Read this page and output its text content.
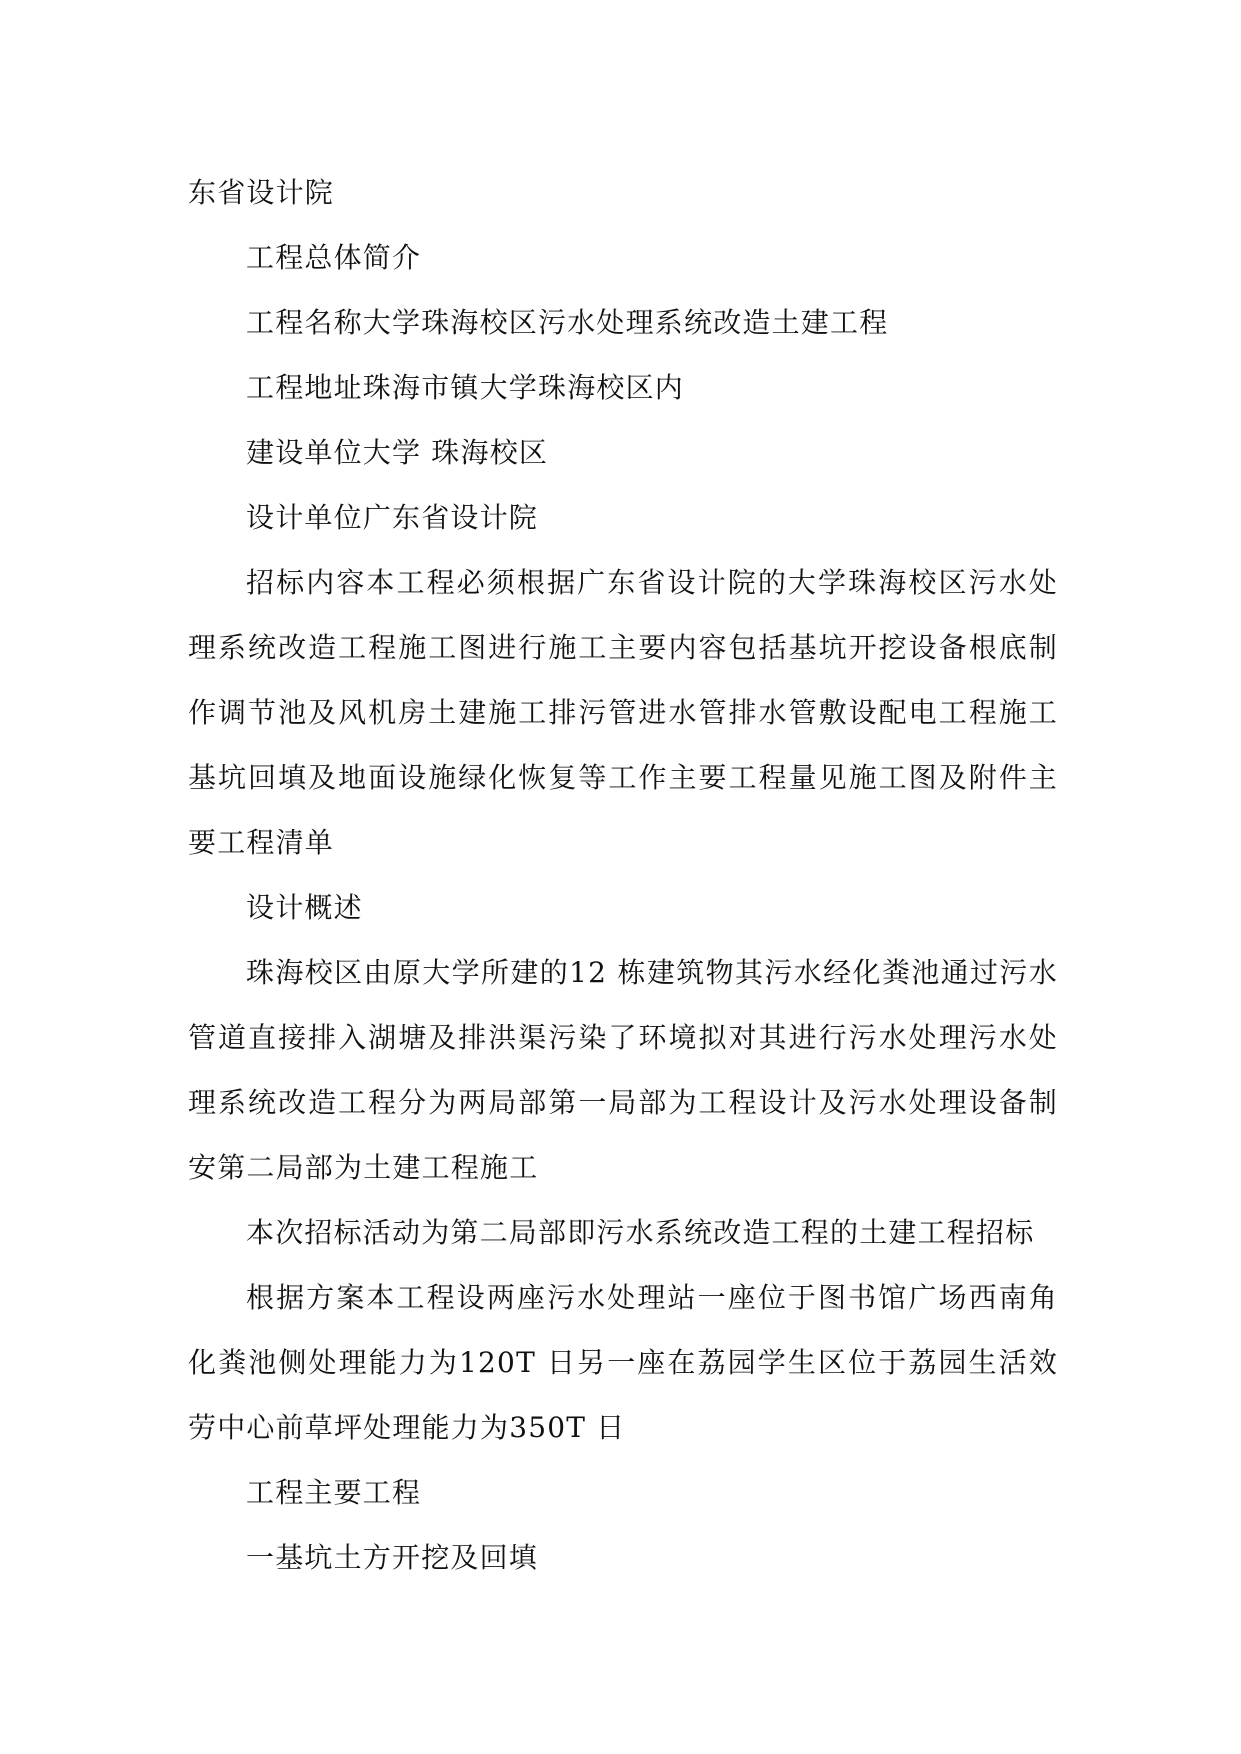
东省设计院

工程总体简介

工程名称大学珠海校区污水处理系统改造土建工程

工程地址珠海市镇大学珠海校区内

建设单位大学 珠海校区

设计单位广东省设计院

招标内容本工程必须根据广东省设计院的大学珠海校区污水处理系统改造工程施工图进行施工主要内容包括基坑开挖设备根底制作调节池及风机房土建施工排污管进水管排水管敷设配电工程施工基坑回填及地面设施绿化恢复等工作主要工程量见施工图及附件主要工程清单

设计概述

珠海校区由原大学所建的12 栋建筑物其污水经化粪池通过污水管道直接排入湖塘及排洪渠污染了环境拟对其进行污水处理污水处理系统改造工程分为两局部第一局部为工程设计及污水处理设备制安第二局部为土建工程施工

本次招标活动为第二局部即污水系统改造工程的土建工程招标

根据方案本工程设两座污水处理站一座位于图书馆广场西南角化粪池侧处理能力为120T 日另一座在荔园学生区位于荔园生活效劳中心前草坪处理能力为350T 日

工程主要工程

一基坑土方开挖及回填
